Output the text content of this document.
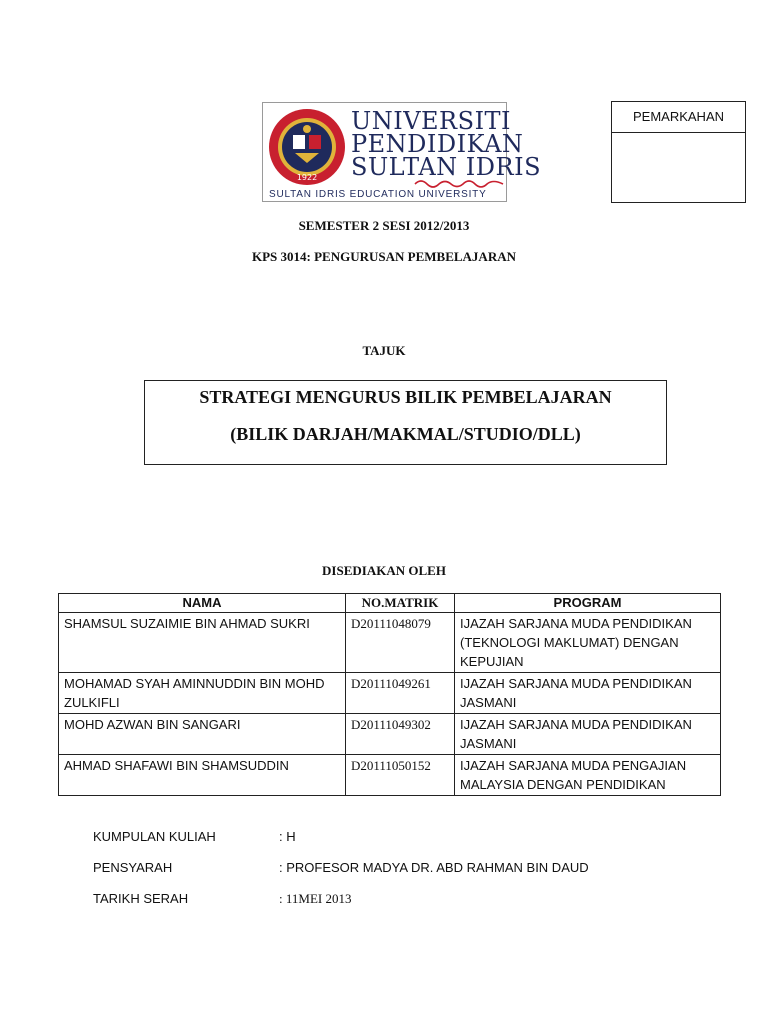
1922
UNIVERSITI
PENDIDIKAN
SULTAN IDRIS
SULTAN IDRIS EDUCATION UNIVERSITY
PEMARKAHAN
SEMESTER 2 SESI 2012/2013
KPS 3014: PENGURUSAN PEMBELAJARAN
TAJUK
STRATEGI MENGURUS BILIK PEMBELAJARAN
(BILIK DARJAH/MAKMAL/STUDIO/DLL)
DISEDIAKAN OLEH
NAMA	NO.MATRIK	PROGRAM
SHAMSUL SUZAIMIE BIN AHMAD SUKRI	D20111048079	IJAZAH SARJANA MUDA PENDIDIKAN (TEKNOLOGI MAKLUMAT) DENGAN KEPUJIAN
MOHAMAD SYAH AMINNUDDIN BIN MOHD ZULKIFLI	D20111049261	IJAZAH SARJANA MUDA PENDIDIKAN JASMANI
MOHD AZWAN BIN SANGARI	D20111049302	IJAZAH SARJANA MUDA PENDIDIKAN JASMANI
AHMAD SHAFAWI BIN SHAMSUDDIN	D20111050152	IJAZAH SARJANA MUDA PENGAJIAN MALAYSIA DENGAN PENDIDIKAN
KUMPULAN KULIAH	: H
PENSYARAH	: PROFESOR MADYA DR. ABD RAHMAN BIN DAUD
TARIKH SERAH	: 11MEI 2013
